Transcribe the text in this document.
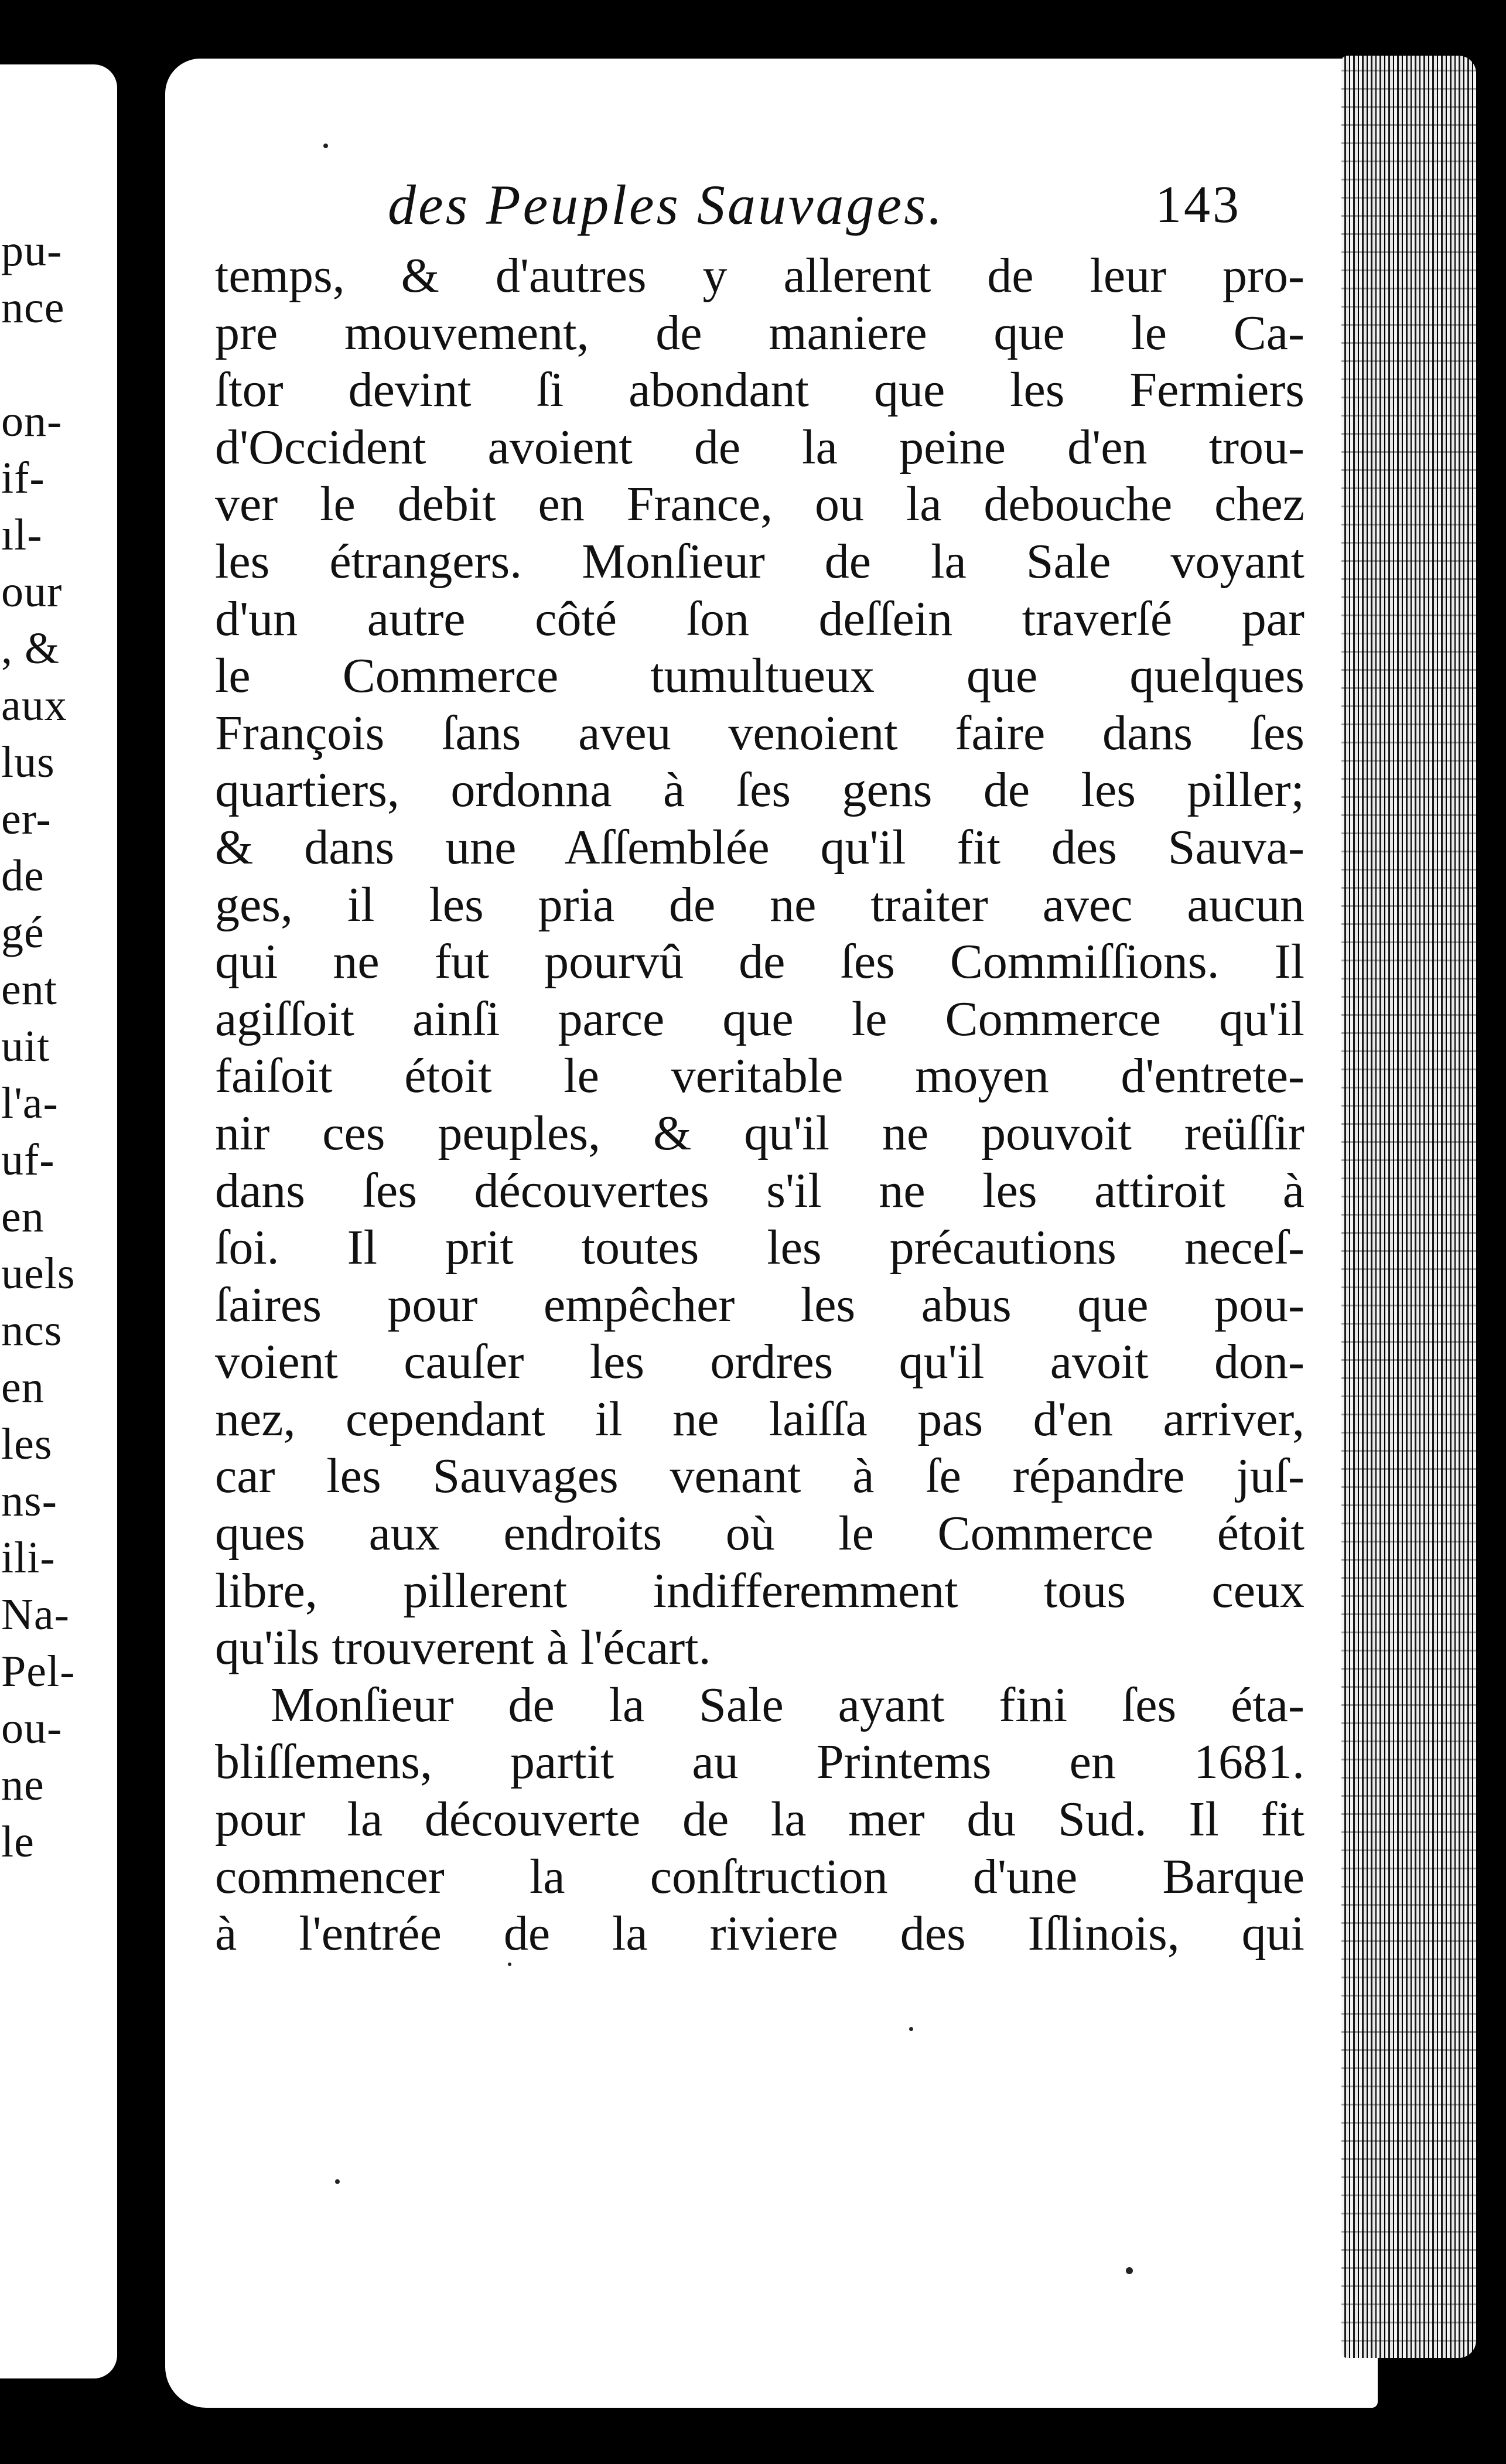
pu-
nce
on-
if-
ıl-
our
, &
aux
lus
er-
de
gé
ent
uit
l'a-
uf-
en
uels
ncs
en
les
ns-
ili-
Na-
Pel-
ou-
ne
le
des Peuples Sauvages.	143
temps, & d'autres y allerent de leur pro-
pre mouvement, de maniere que le Ca-
ſtor devint ſi abondant que les Fermiers
d'Occident avoient de la peine d'en trou-
ver le debit en France, ou la debouche chez
les étrangers. Monſieur de la Sale voyant
d'un autre côté ſon deſſein traverſé par
le Commerce tumultueux que quelques
François ſans aveu venoient faire dans ſes
quartiers, ordonna à ſes gens de les piller;
& dans une Aſſemblée qu'il fit des Sauva-
ges, il les pria de ne traiter avec aucun
qui ne fut pourvû de ſes Commiſſions. Il
agiſſoit ainſi parce que le Commerce qu'il
faiſoit étoit le veritable moyen d'entrete-
nir ces peuples, & qu'il ne pouvoit reüſſir
dans ſes découvertes s'il ne les attiroit à
ſoi. Il prit toutes les précautions neceſ-
ſaires pour empêcher les abus que pou-
voient cauſer les ordres qu'il avoit don-
nez, cependant il ne laiſſa pas d'en arriver,
car les Sauvages venant à ſe répandre juſ-
ques aux endroits où le Commerce étoit
libre, pillerent indifferemment tous ceux
qu'ils trouverent à l'écart.
Monſieur de la Sale ayant fini ſes éta-
bliſſemens, partit au Printems en 1681.
pour la découverte de la mer du Sud. Il fit
commencer la conſtruction d'une Barque
à l'entrée de la riviere des Iſlinois, qui
